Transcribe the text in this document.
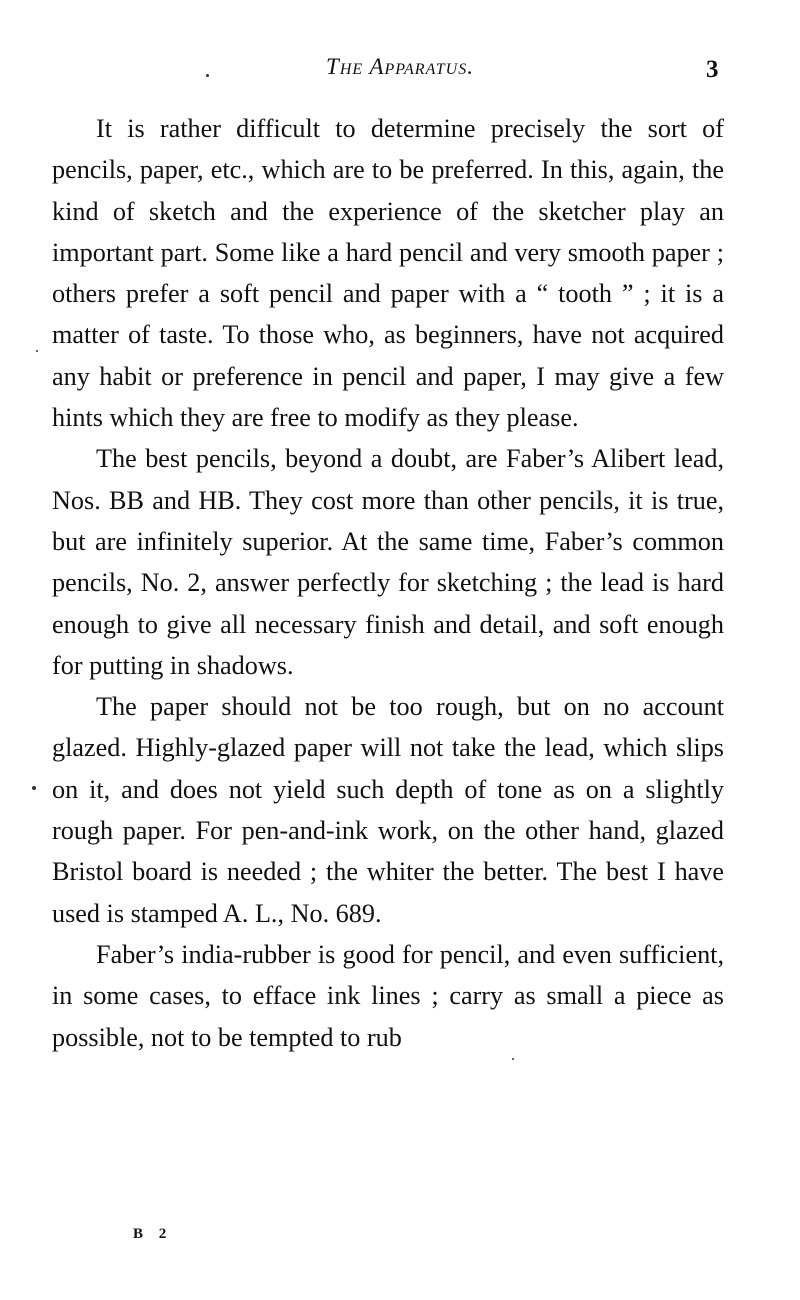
The Apparatus.	3

It is rather difficult to determine precisely the sort of pencils, paper, etc., which are to be preferred. In this, again, the kind of sketch and the experience of the sketcher play an important part. Some like a hard pencil and very smooth paper ; others prefer a soft pencil and paper with a “ tooth ” ; it is a matter of taste. To those who, as beginners, have not acquired any habit or preference in pencil and paper, I may give a few hints which they are free to modify as they please.

The best pencils, beyond a doubt, are Faber’s Alibert lead, Nos. BB and HB. They cost more than other pencils, it is true, but are infinitely superior. At the same time, Faber’s common pencils, No. 2, answer perfectly for sketching ; the lead is hard enough to give all necessary finish and detail, and soft enough for putting in shadows.

The paper should not be too rough, but on no account glazed. Highly-glazed paper will not take the lead, which slips on it, and does not yield such depth of tone as on a slightly rough paper. For pen-and-ink work, on the other hand, glazed Bristol board is needed ; the whiter the better. The best I have used is stamped A. L., No. 689.

Faber’s india-rubber is good for pencil, and even sufficient, in some cases, to efface ink lines ; carry as small a piece as possible, not to be tempted to rub

B 2
